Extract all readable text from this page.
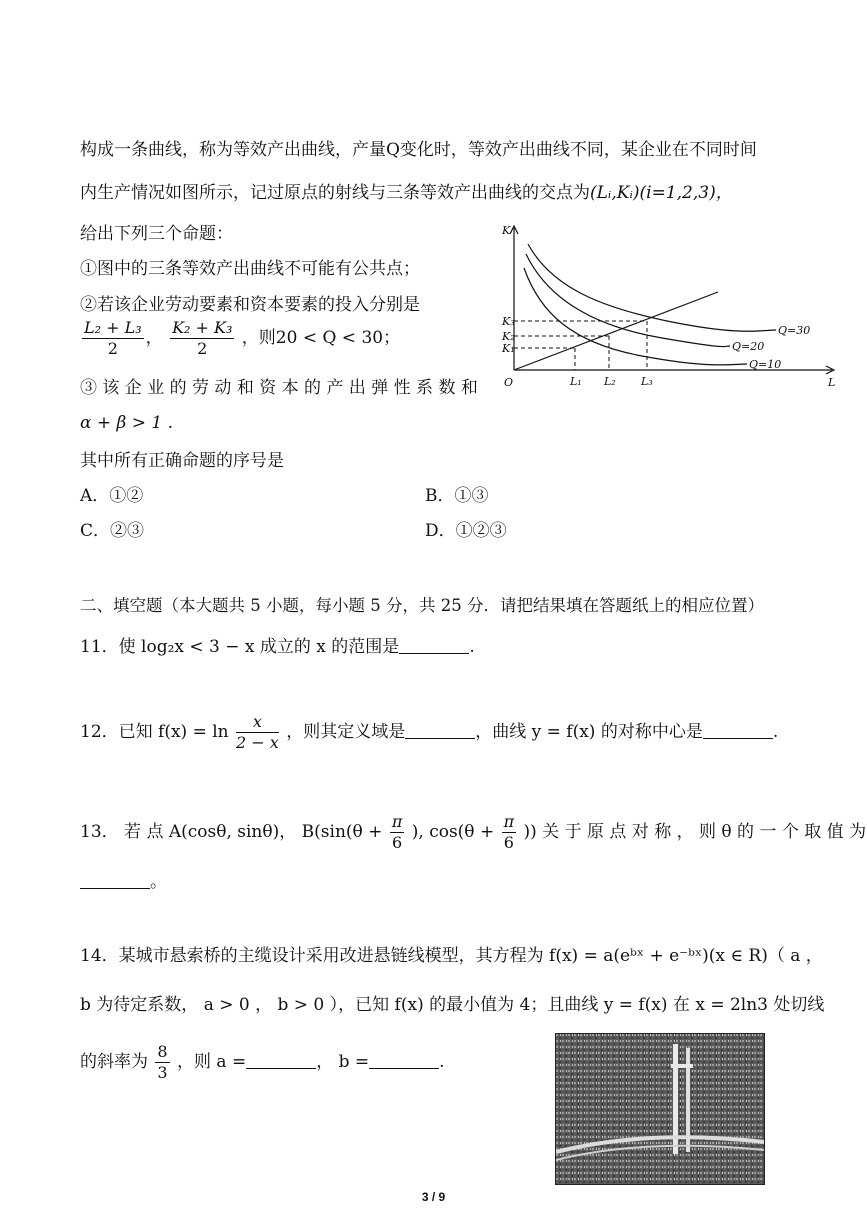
构成一条曲线，称为等效产出曲线，产量Q变化时，等效产出曲线不同，某企业在不同时间
内生产情况如图所示，记过原点的射线与三条等效产出曲线的交点为(Lᵢ,Kᵢ)(i=1,2,3)，
给出下列三个命题：
①图中的三条等效产出曲线不可能有公共点；
②若该企业劳动要素和资本要素的投入分别是
$\frac{\text{L₂ + L₃}}{2}$ ， $\frac{\text{K₂ + K₃}}{2}$ ，则20 < Q < 30；
③ 该 企 业 的 劳 动 和 资 本 的 产 出 弹 性 系 数 和
α + β > 1 .
其中所有正确命题的序号是
A．①②	B．①③
C．②③	D．①②③
K
L
O
K₁
K₂
K₃
L₁ L₂ L₃
Q=30
Q=20
Q=10
二、填空题（本大题共 5 小题，每小题 5 分，共 25 分．请把结果填在答题纸上的相应位置）
11．使 log₂x < 3 − x 成立的 x 的范围是	.
12．已知 $f(x) = \ln \frac{x}{2 - x}$ ，则其定义域是	，曲线 y = f(x) 的对称中心是	.
13． 若 点 A(cosθ, sinθ)， $B(\sin(\theta + \frac{\pi}{6}$ ), $\cos(\theta + \frac{\pi}{6}$ )) 关 于 原 点 对 称 ， 则 θ 的 一 个 取 值 为
。
14．某城市悬索桥的主缆设计采用改进悬链线模型，其方程为 f(x) = a(eᵇˣ + e⁻ᵇˣ)(x ∈ R)（ a ，
b 为待定系数， a > 0 ， b > 0 ），已知 f(x) 的最小值为 4；且曲线 y = f(x) 在 x = 2ln3 处切线
的斜率为 $\frac{8}{3}$ ，则 a =	， b =	.
3 / 9
